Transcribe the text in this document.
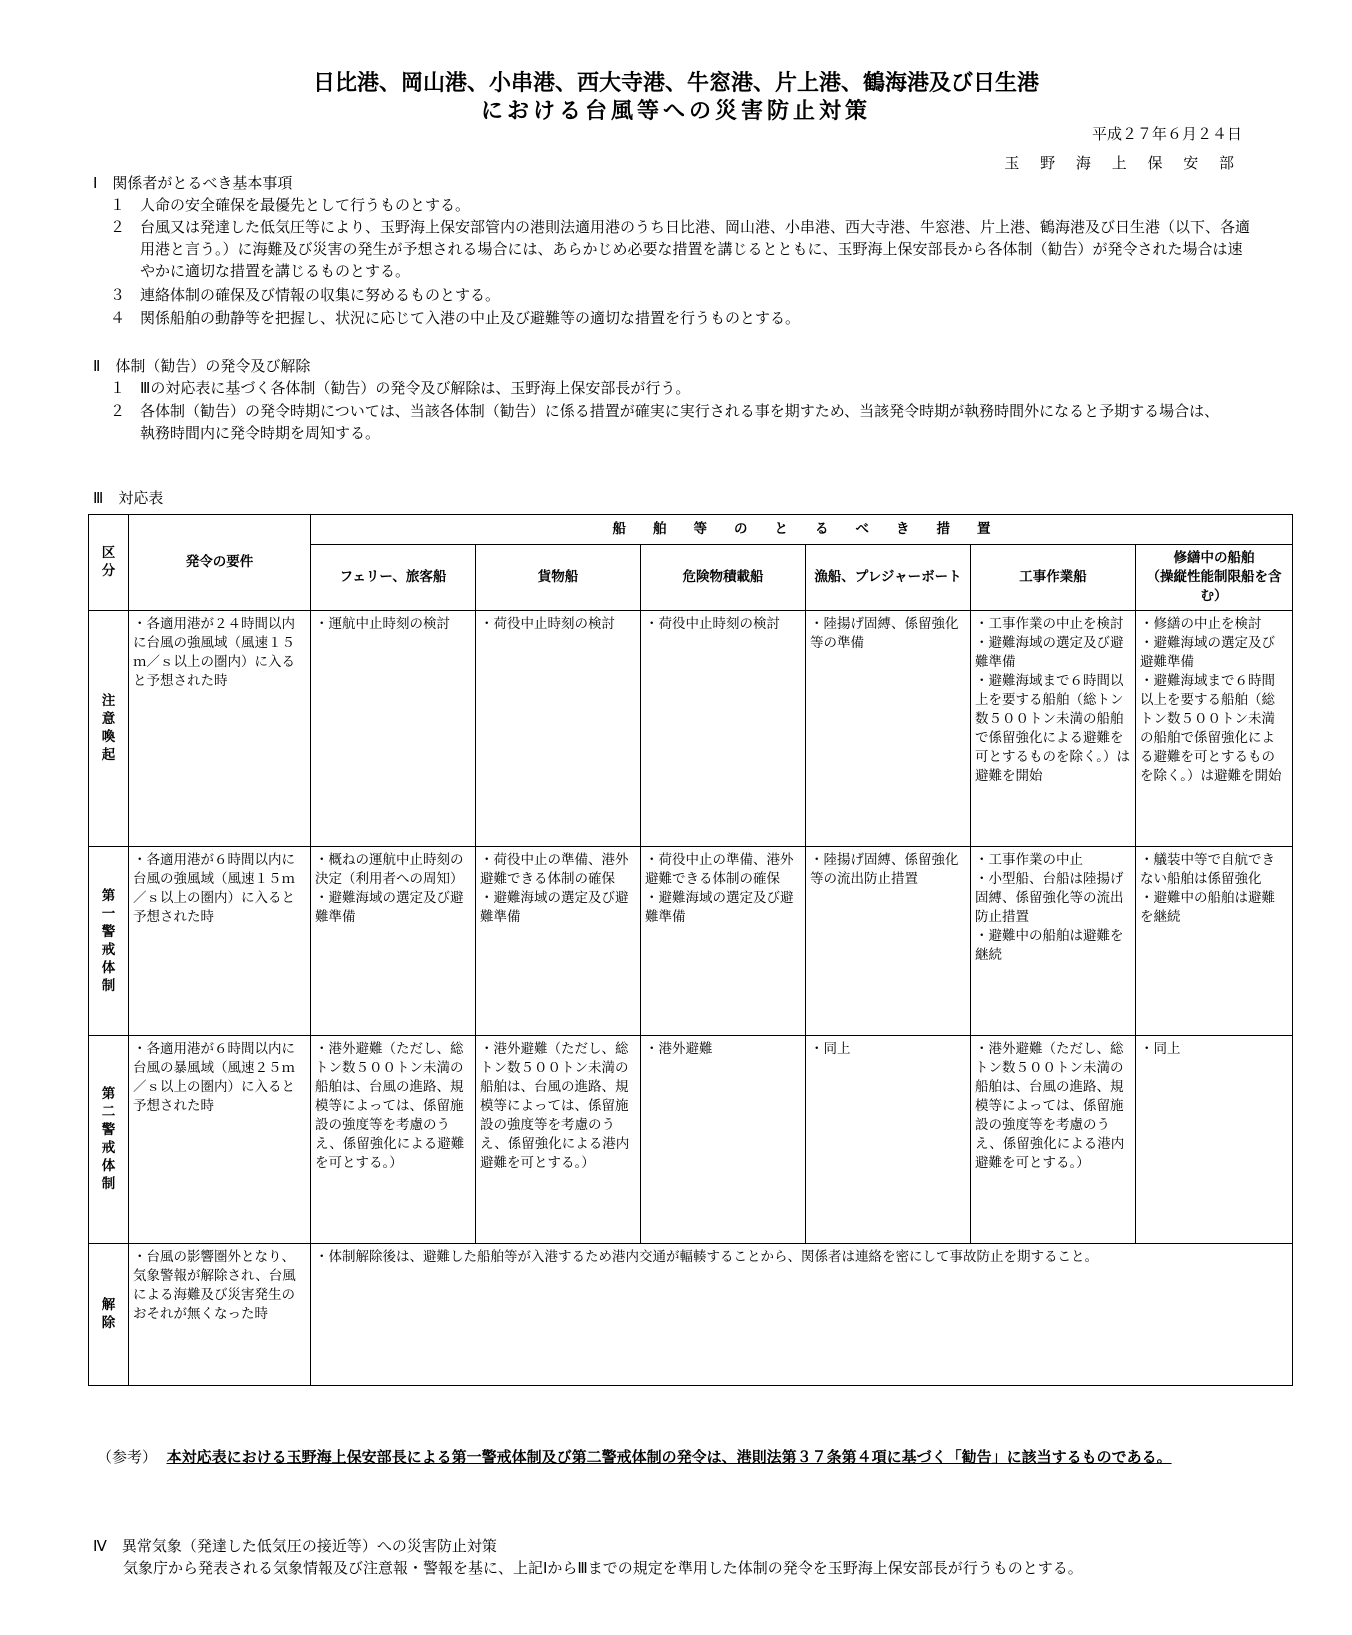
日比港、岡山港、小串港、西大寺港、牛窓港、片上港、鶴海港及び日生港
における台風等への災害防止対策
平成２７年６月２４日
玉 野 海 上 保 安 部
Ⅰ　関係者がとるべき基本事項
１ 人命の安全確保を最優先として行うものとする。
２ 台風又は発達した低気圧等により、玉野海上保安部管内の港則法適用港のうち日比港、岡山港、小串港、西大寺港、牛窓港、片上港、鶴海港及び日生港（以下、各適用港と言う。）に海難及び災害の発生が予想される場合には、あらかじめ必要な措置を講じるとともに、玉野海上保安部長から各体制（勧告）が発令された場合は速やかに適切な措置を講じるものとする。
３ 連絡体制の確保及び情報の収集に努めるものとする。
４ 関係船舶の動静等を把握し、状況に応じて入港の中止及び避難等の適切な措置を行うものとする。
Ⅱ　体制（勧告）の発令及び解除
１ Ⅲの対応表に基づく各体制（勧告）の発令及び解除は、玉野海上保安部長が行う。
２ 各体制（勧告）の発令時期については、当該各体制（勧告）に係る措置が確実に実行される事を期すため、当該発令時期が執務時間外になると予期する場合は、執務時間内に発令時期を周知する。
Ⅲ　対応表
区分	発令の要件	船　　舶　　等　　の　　と　　る　　べ　　き　　措　　置					
		フェリー、旅客船	貨物船	危険物積載船	漁船、プレジャーボート	工事作業船	修繕中の船舶
（操縦性能制限船を含む）
注意喚起	・各適用港が２４時間以内に台風の強風域（風速１５ｍ／ｓ以上の圏内）に入ると予想された時	・運航中止時刻の検討	・荷役中止時刻の検討	・荷役中止時刻の検討	・陸揚げ固縛、係留強化等の準備	・工事作業の中止を検討
・避難海域の選定及び避難準備
・避難海域まで６時間以上を要する船舶（総トン数５００トン未満の船舶で係留強化による避難を可とするものを除く。）は避難を開始	・修繕の中止を検討
・避難海域の選定及び避難準備
・避難海域まで６時間以上を要する船舶（総トン数５００トン未満の船舶で係留強化による避難を可とするものを除く。）は避難を開始
第一警戒体制	・各適用港が６時間以内に台風の強風域（風速１５ｍ／ｓ以上の圏内）に入ると予想された時	・概ねの運航中止時刻の決定（利用者への周知）
・避難海域の選定及び避難準備	・荷役中止の準備、港外避難できる体制の確保
・避難海域の選定及び避難準備	・荷役中止の準備、港外避難できる体制の確保
・避難海域の選定及び避難準備	・陸揚げ固縛、係留強化等の流出防止措置	・工事作業の中止
・小型船、台船は陸揚げ固縛、係留強化等の流出防止措置
・避難中の船舶は避難を継続	・艤装中等で自航できない船舶は係留強化
・避難中の船舶は避難を継続
第二警戒体制	・各適用港が６時間以内に台風の暴風域（風速２５ｍ／ｓ以上の圏内）に入ると予想された時	・港外避難（ただし、総トン数５００トン未満の船舶は、台風の進路、規模等によっては、係留施設の強度等を考慮のうえ、係留強化による避難を可とする。）	・港外避難（ただし、総トン数５００トン未満の船舶は、台風の進路、規模等によっては、係留施設の強度等を考慮のうえ、係留強化による港内避難を可とする。）	・港外避難	・同上	・港外避難（ただし、総トン数５００トン未満の船舶は、台風の進路、規模等によっては、係留施設の強度等を考慮のうえ、係留強化による港内避難を可とする。）	・同上
解除	・台風の影響圏外となり、気象警報が解除され、台風による海難及び災害発生のおそれが無くなった時	・体制解除後は、避難した船舶等が入港するため港内交通が輻輳することから、関係者は連絡を密にして事故防止を期すること。					
（参考） 本対応表における玉野海上保安部長による第一警戒体制及び第二警戒体制の発令は、港則法第３７条第４項に基づく「勧告」に該当するものである。
Ⅳ　異常気象（発達した低気圧の接近等）への災害防止対策
気象庁から発表される気象情報及び注意報・警報を基に、上記ⅠからⅢまでの規定を準用した体制の発令を玉野海上保安部長が行うものとする。
